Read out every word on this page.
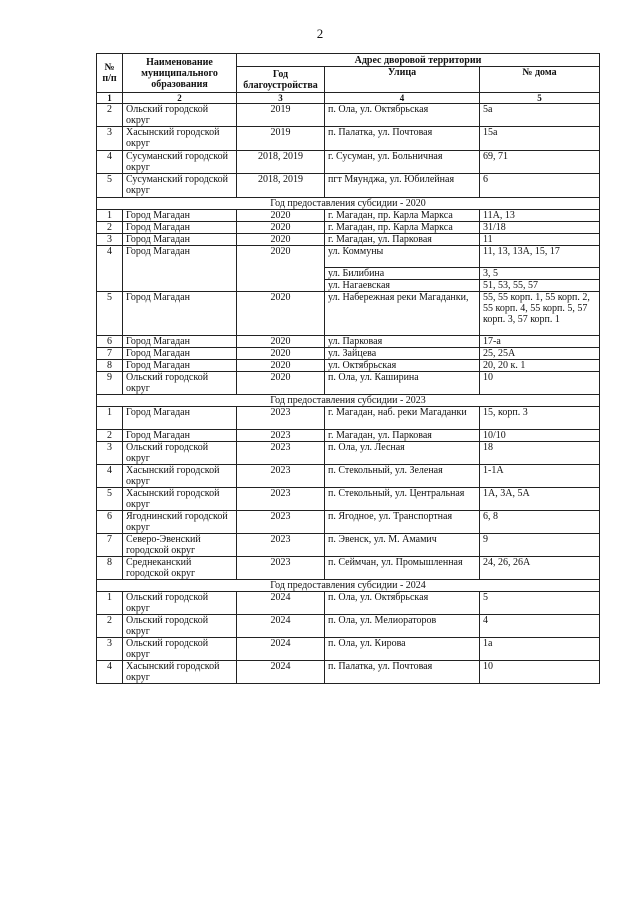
2
№ п/п	Наименование муниципального образования	Адрес дворовой территории		
		Год благоустройства	Улица	№ дома
1	2	3	4	5
2	Ольский городской округ	2019	п. Ола, ул. Октябрьская	5а
3	Хасынский городской округ	2019	п. Палатка, ул. Почтовая	15а
4	Сусуманский городской округ	2018, 2019	г. Сусуман, ул. Больничная	69, 71
5	Сусуманский городской округ	2018, 2019	пгт Мяунджа, ул. Юбилейная	6
Год предоставления субсидии - 2020				
1	Город Магадан	2020	г. Магадан, пр. Карла Маркса	11А, 13
2	Город Магадан	2020	г. Магадан, пр. Карла Маркса	31/18
3	Город Магадан	2020	г. Магадан, ул. Парковая	11
4	Город Магадан	2020	ул. Коммуны	11, 13, 13А, 15, 17
			ул. Билибина	3, 5
			ул. Нагаевская	51, 53, 55, 57
5	Город Магадан	2020	ул. Набережная реки Магаданки,	55, 55 корп. 1, 55 корп. 2, 55 корп. 4, 55 корп. 5, 57 корп. 3, 57 корп. 1
6	Город Магадан	2020	ул. Парковая	17-а
7	Город Магадан	2020	ул. Зайцева	25, 25А
8	Город Магадан	2020	ул. Октябрьская	20, 20 к. 1
9	Ольский городской округ	2020	п. Ола, ул. Каширина	10
Год предоставления субсидии - 2023				
1	Город Магадан	2023	г. Магадан, наб. реки Магаданки	15, корп. 3
2	Город Магадан	2023	г. Магадан, ул. Парковая	10/10
3	Ольский городской округ	2023	п. Ола, ул. Лесная	18
4	Хасынский городской округ	2023	п. Стекольный, ул. Зеленая	1-1А
5	Хасынский городской округ	2023	п. Стекольный, ул. Центральная	1А, 3А, 5А
6	Ягоднинский городской округ	2023	п. Ягодное, ул. Транспортная	6, 8
7	Северо-Эвенский городской округ	2023	п. Эвенск, ул. М. Амамич	9
8	Среднеканский городской округ	2023	п. Сеймчан, ул. Промышленная	24, 26, 26А
Год предоставления субсидии - 2024				
1	Ольский городской округ	2024	п. Ола, ул. Октябрьская	5
2	Ольский городской округ	2024	п. Ола, ул. Мелиораторов	4
3	Ольский городской округ	2024	п. Ола, ул. Кирова	1а
4	Хасынский городской округ	2024	п. Палатка, ул. Почтовая	10
